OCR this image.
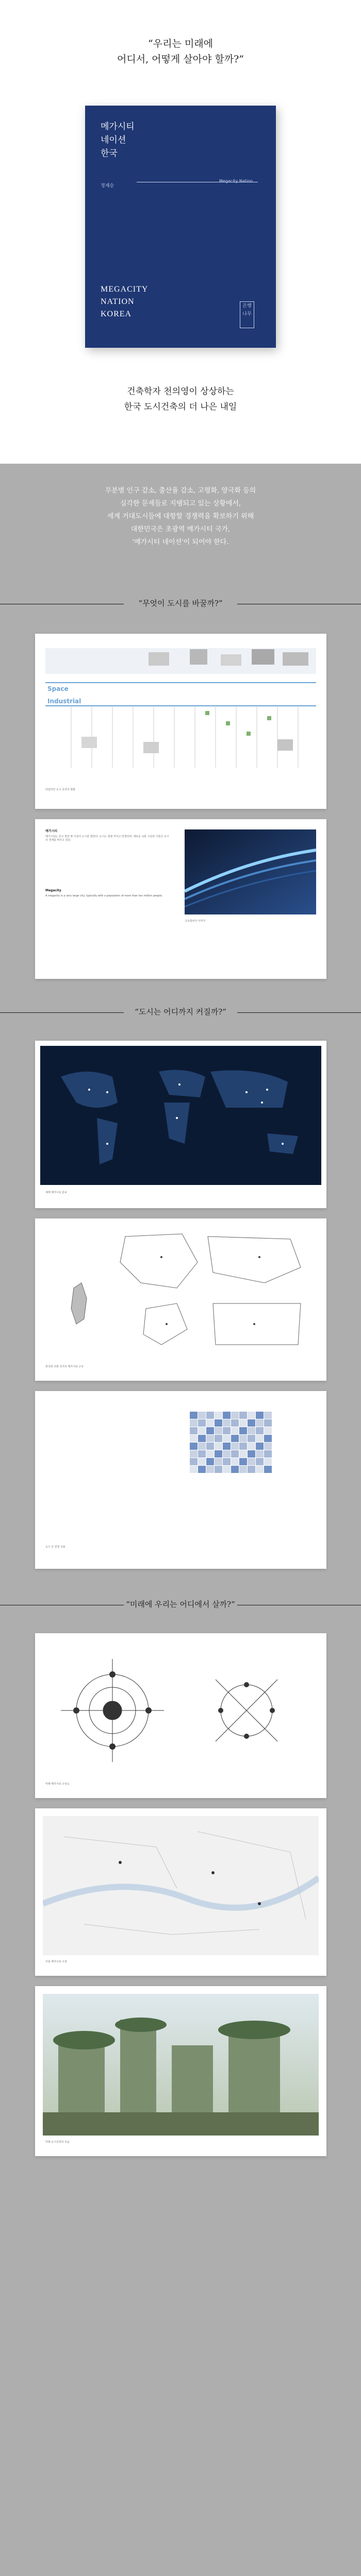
“우리는 미래에
어디서, 어떻게 살아야 할까?”
메가시티
네이션
한국
정재승
Megacity Nation
MEGACITY
NATION
KOREA
은행나무
건축학자 천의영이 상상하는
한국 도시건축의 더 나은 내일
무분별 인구 감소, 출산율 감소, 고령화, 양극화 등의
심각한 문제들로 지탱되고 있는 상황에서,
세계 거대도시들에 대항할 경쟁력을 확보하기 위해
대한민국은 초광역 메가시티 국가,
'메가시티 네이션'이 되어야 한다.
“무엇이 도시를 바꿀까?”
Space
Industrial
타임라인 도시 공간의 변화
메가시티
메가시티는 인구 천만 명 이상의 도시를 말한다. 도시는 점점 커지고 연결되며, 새로운 교통 수단과 기술은 도시의 경계를 바꾸고 있다.
Megacity
A megacity is a very large city, typically with a population of more than ten million people.
고속열차의 이미지
“도시는 어디까지 커질까?”
세계 메가시티 분포
한국과 주변 국가의 메가시티 구조
도시 간 연결 지표
“미래에 우리는 어디에서 살까?”
미래 메가시티 구상도
서울 메가시티 구상
미래 도시건축의 모습
